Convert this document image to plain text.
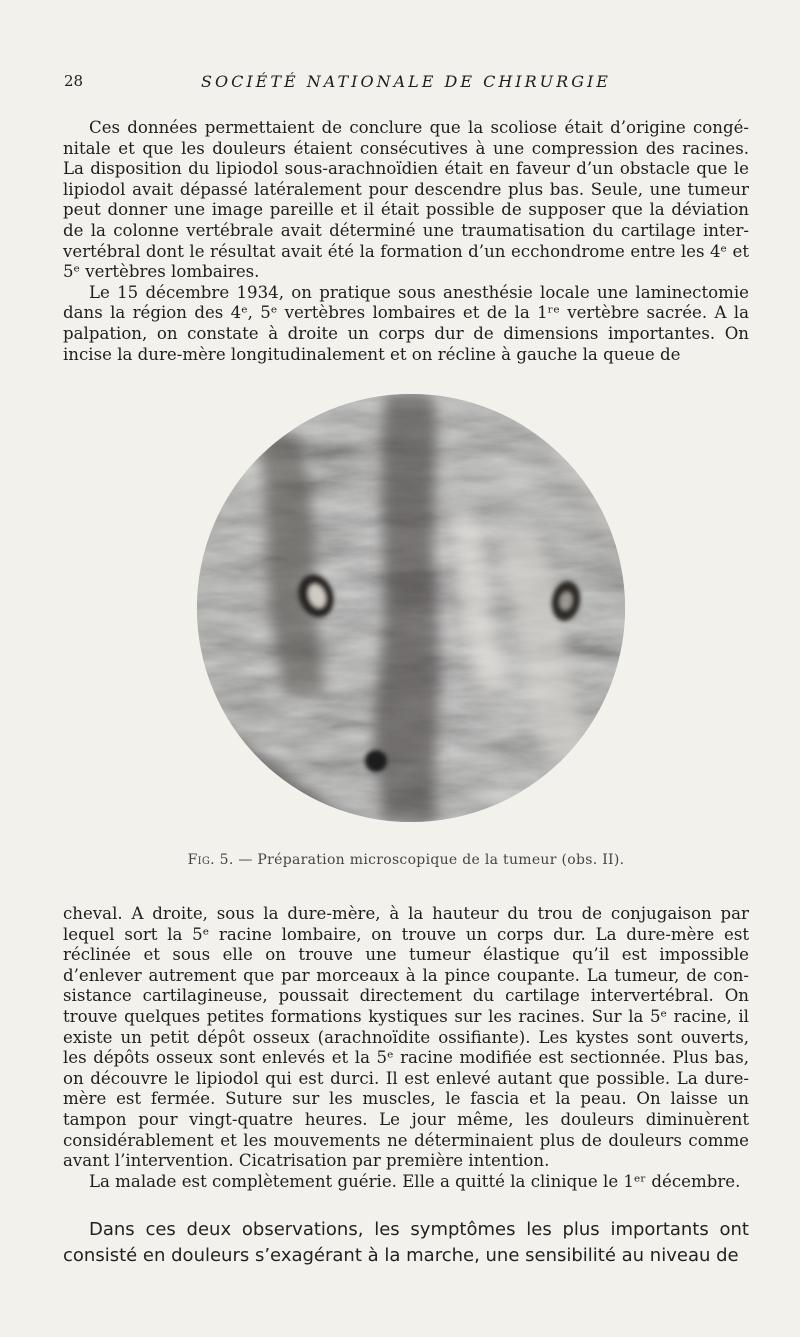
28	SOCIÉTÉ NATIONALE DE CHIRURGIE

Ces données permettaient de conclure que la scoliose était d’origine congénitale et que les douleurs étaient consécutives à une compression des racines. La disposition du lipiodol sous-arachnoïdien était en faveur d’un obstacle que le lipiodol avait dépassé latéralement pour descendre plus bas. Seule, une tumeur peut donner une image pareille et il était possible de supposer que la déviation de la colonne vertébrale avait déterminé une traumatisation du cartilage intervertébral dont le résultat avait été la formation d’un ecchondrome entre les 4ᵉ et 5ᵉ vertèbres lombaires.

Le 15 décembre 1934, on pratique sous anesthésie locale une laminectomie dans la région des 4ᵉ, 5ᵉ vertèbres lombaires et de la 1ʳᵉ vertèbre sacrée. A la palpation, on constate à droite un corps dur de dimensions importantes. On incise la dure-mère longitudinalement et on récline à gauche la queue de

Fig. 5. — Préparation microscopique de la tumeur (obs. II).

cheval. A droite, sous la dure-mère, à la hauteur du trou de conjugaison par lequel sort la 5ᵉ racine lombaire, on trouve un corps dur. La dure-mère est réclinée et sous elle on trouve une tumeur élastique qu’il est impossible d’enlever autrement que par morceaux à la pince coupante. La tumeur, de consistance cartilagineuse, poussait directement du cartilage intervertébral. On trouve quelques petites formations kystiques sur les racines. Sur la 5ᵉ racine, il existe un petit dépôt osseux (arachnoïdite ossifiante). Les kystes sont ouverts, les dépôts osseux sont enlevés et la 5ᵉ racine modifiée est sectionnée. Plus bas, on découvre le lipiodol qui est durci. Il est enlevé autant que possible. La dure-mère est fermée. Suture sur les muscles, le fascia et la peau. On laisse un tampon pour vingt-quatre heures. Le jour même, les douleurs diminuèrent considérablement et les mouvements ne déterminaient plus de douleurs comme avant l’intervention. Cicatrisation par première intention.

La malade est complètement guérie. Elle a quitté la clinique le 1ᵉʳ décembre.

Dans ces deux observations, les symptômes les plus importants ont consisté en douleurs s’exagérant à la marche, une sensibilité au niveau de
